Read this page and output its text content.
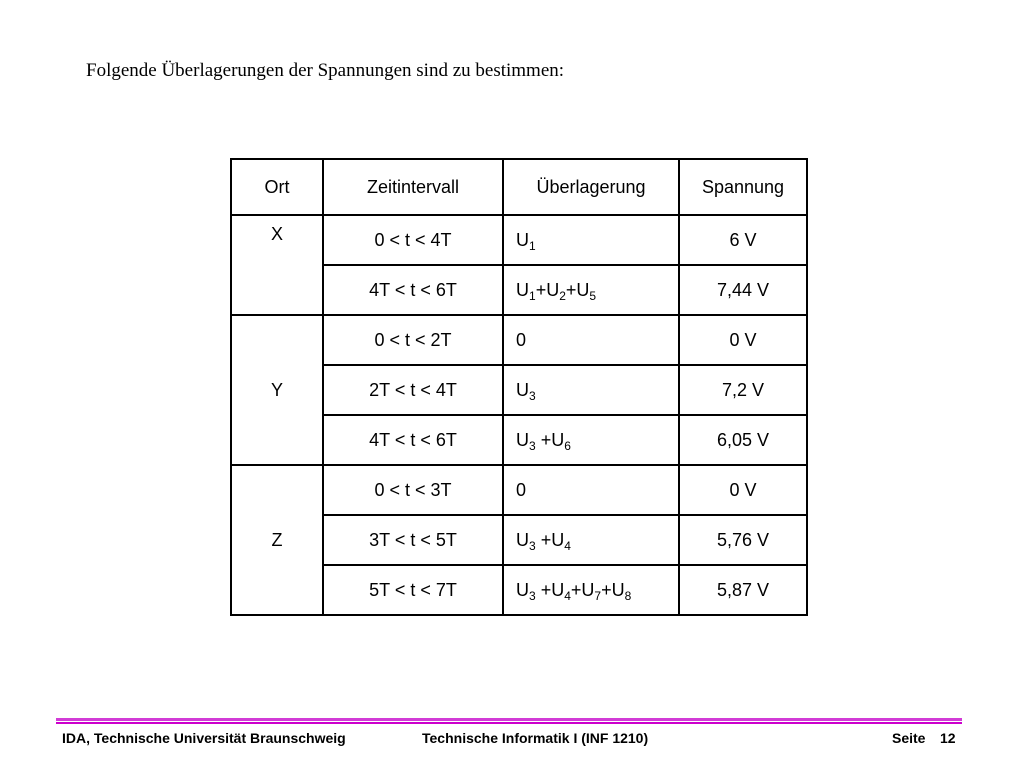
Folgende Überlagerungen der Spannungen sind zu bestimmen:
Ort	Zeitintervall	Überlagerung	Spannung
X	0 < t < 4T	$U_1$	6 V
	4T < t < 6T	$U_1+U_2+U_5$	7,44 V
Y	0 < t < 2T	0	0 V
	2T < t < 4T	$U_3$	7,2 V
	4T < t < 6T	$U_3 +U_6$	6,05 V
Z	0 < t < 3T	0	0 V
	3T < t < 5T	$U_3 +U_4$	5,76 V
	5T < t < 7T	$U_3 +U_4+U_7+U_8$	5,87 V
IDA, Technische Universität Braunschweig	Technische Informatik I (INF 1210)	Seite 12
